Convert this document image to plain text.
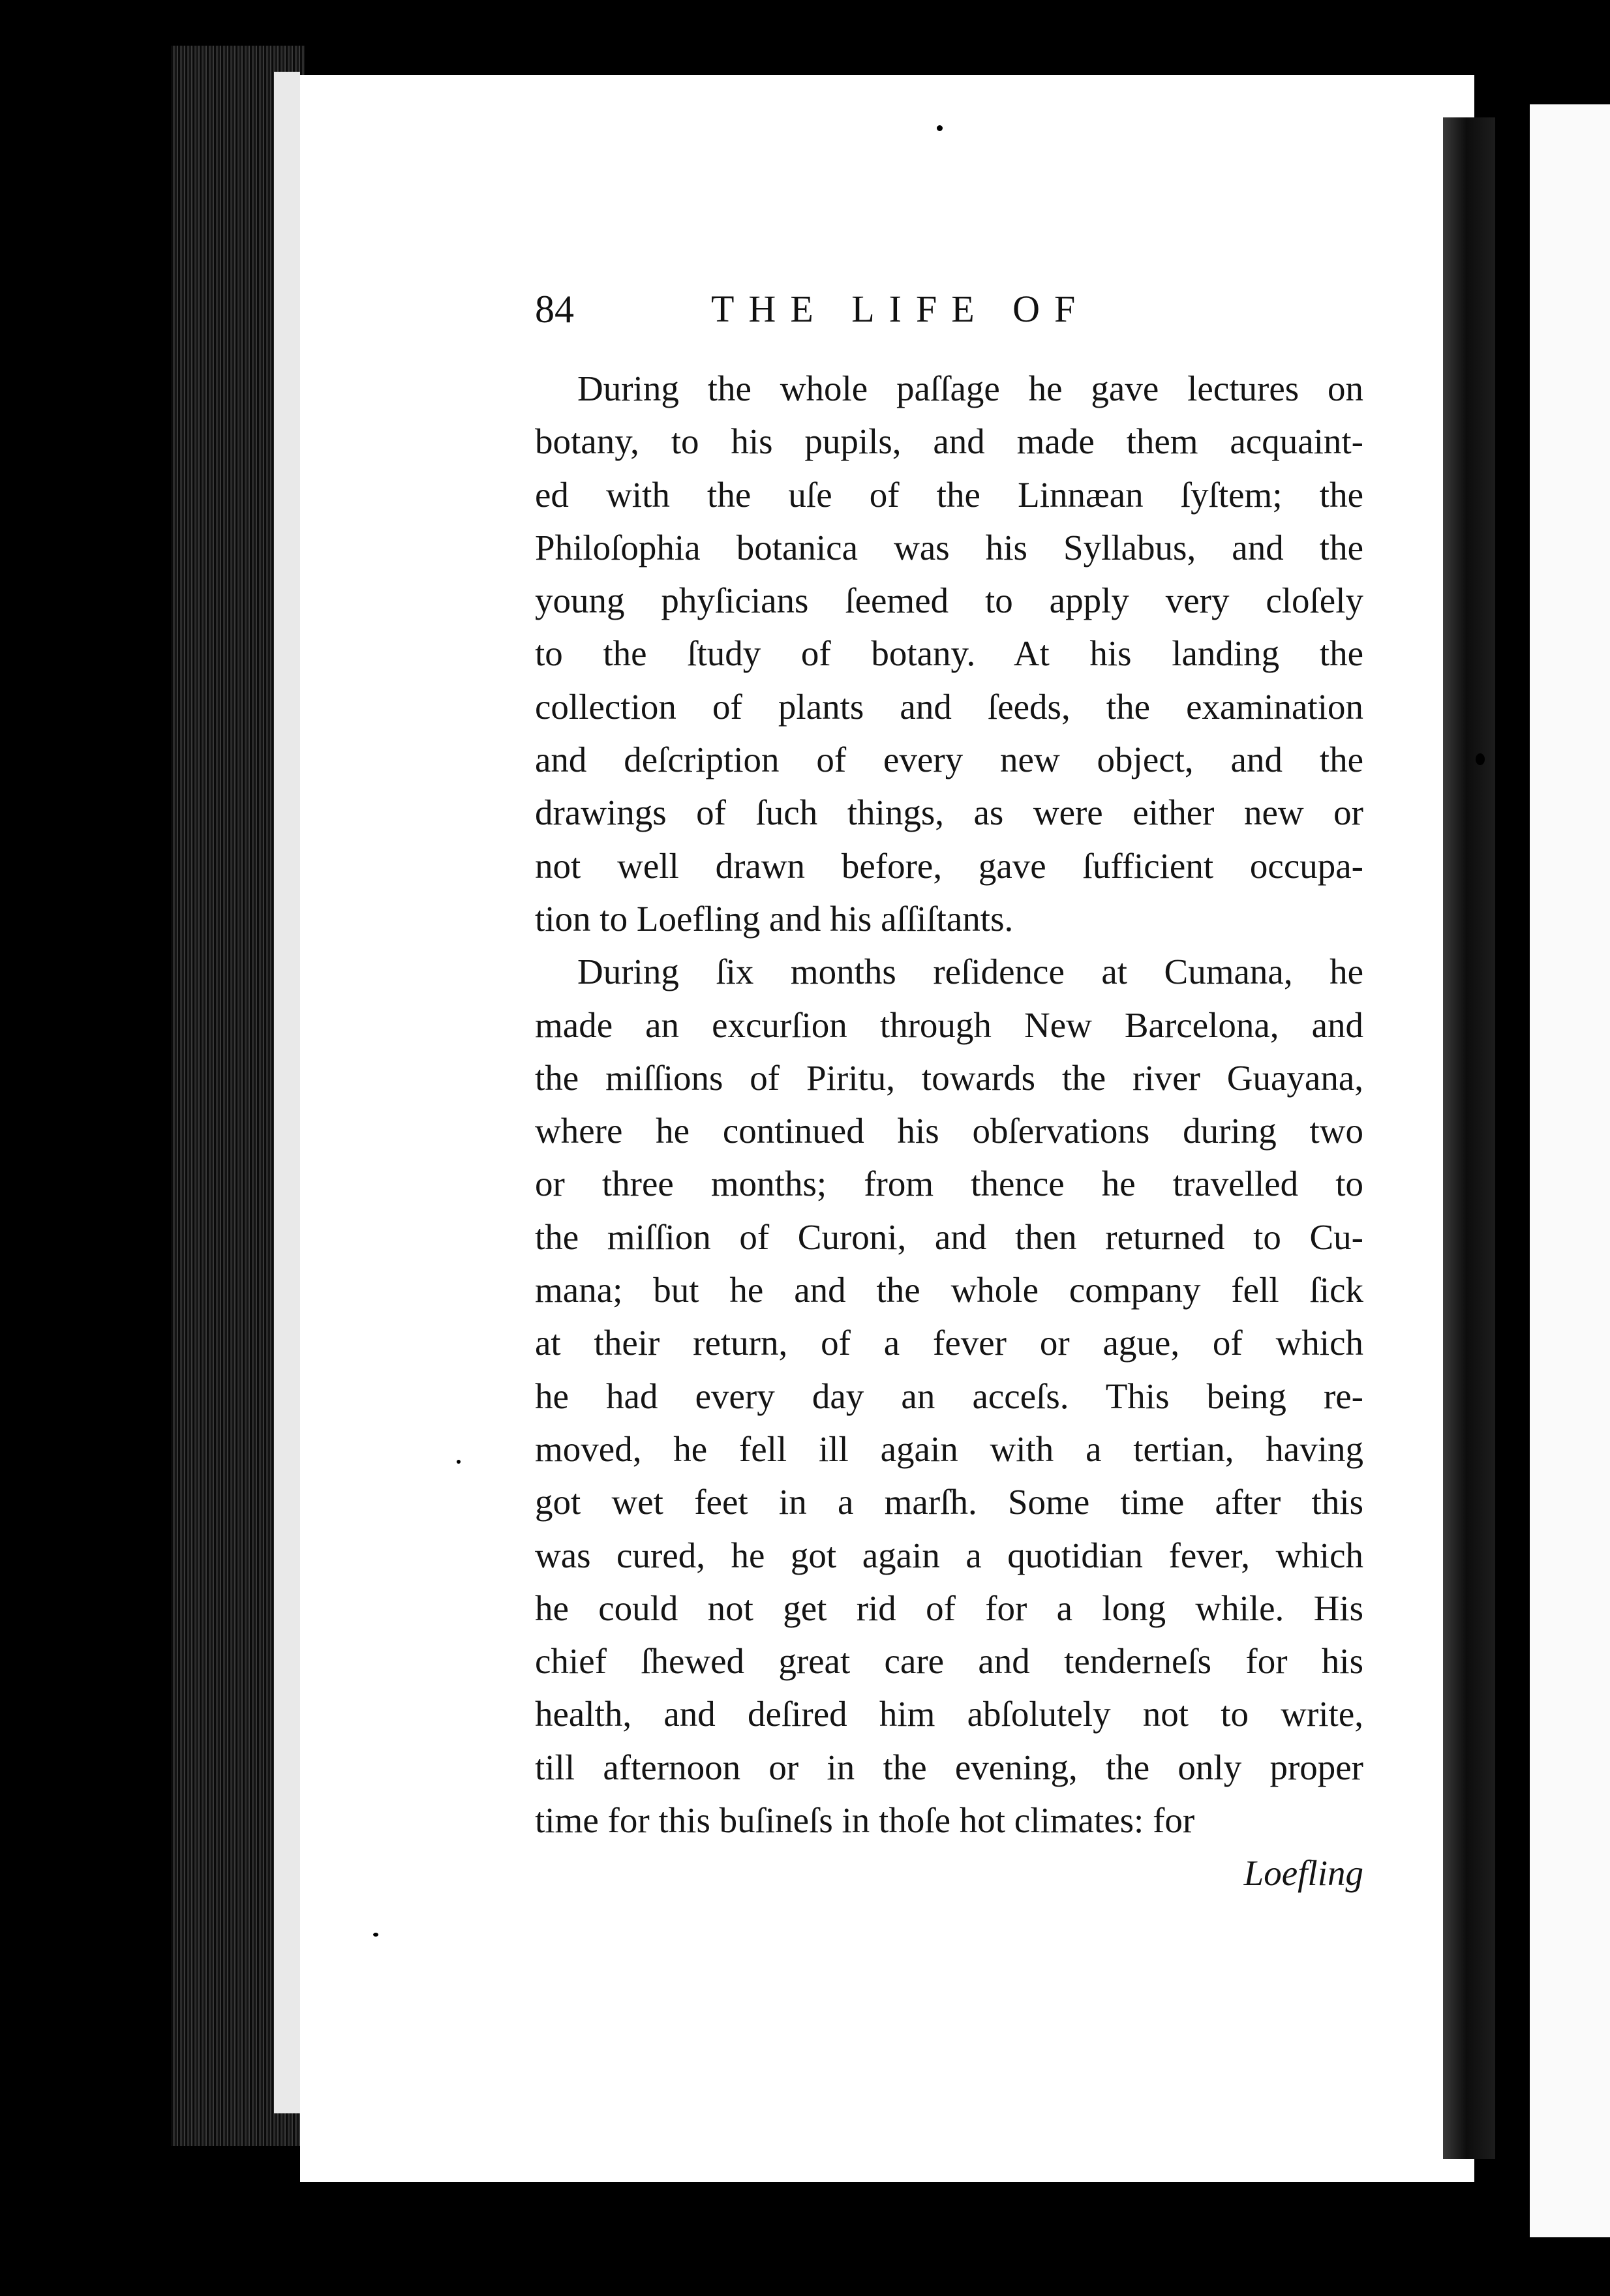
84	THE LIFE OF
During the whole paſſage he gave lectures on
botany, to his pupils, and made them acquaint-
ed with the uſe of the Linnæan ſyſtem; the
Philoſophia botanica was his Syllabus, and the
young phyſicians ſeemed to apply very cloſely
to the ſtudy of botany. At his landing the
collection of plants and ſeeds, the examination
and deſcription of every new object, and the
drawings of ſuch things, as were either new or
not well drawn before, gave ſufficient occupa-
tion to Loefling and his aſſiſtants.
During ſix months reſidence at Cumana, he
made an excurſion through New Barcelona, and
the miſſions of Piritu, towards the river Guayana,
where he continued his obſervations during two
or three months; from thence he travelled to
the miſſion of Curoni, and then returned to Cu-
mana; but he and the whole company fell ſick
at their return, of a fever or ague, of which
he had every day an acceſs. This being re-
moved, he fell ill again with a tertian, having
got wet feet in a marſh. Some time after this
was cured, he got again a quotidian fever, which
he could not get rid of for a long while. His
chief ſhewed great care and tenderneſs for his
health, and deſired him abſolutely not to write,
till afternoon or in the evening, the only proper
time for this buſineſs in thoſe hot climates: for
Loefling
